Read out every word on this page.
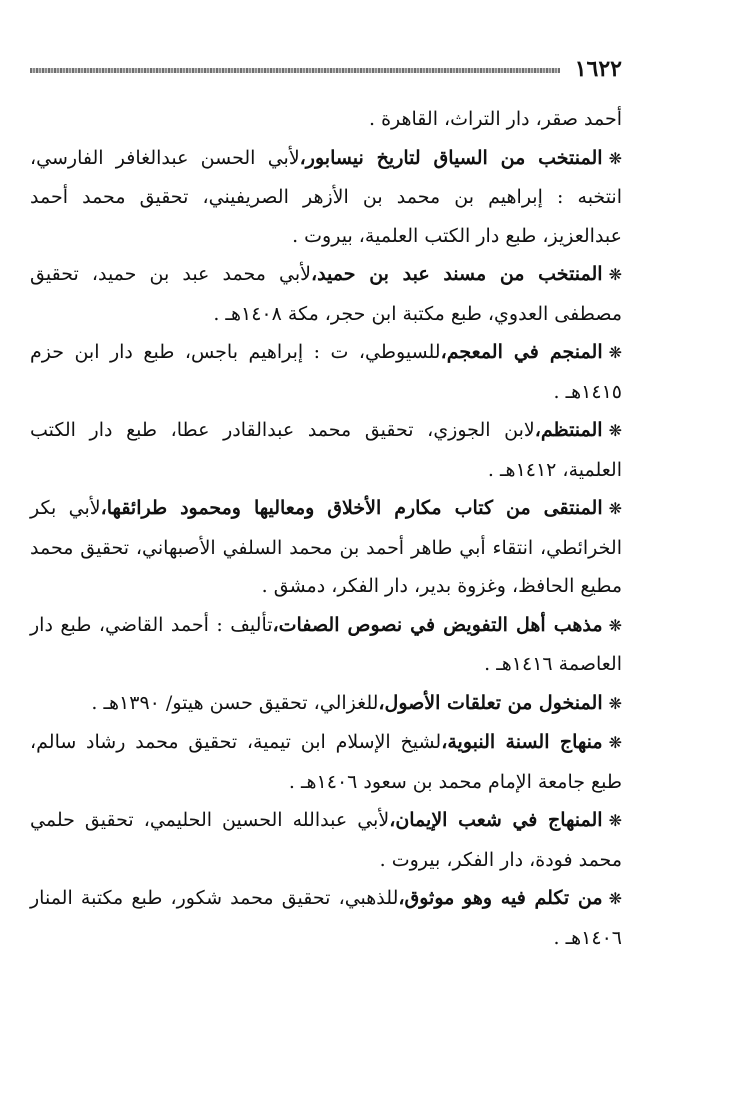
١٦٢٢

أحمد صقر، دار التراث، القاهرة .

❋المنتخب من السياق لتاريخ نيسابور،لأبي الحسن عبدالغافر الفارسي، انتخبه : إبراهيم بن محمد بن الأزهر الصريفيني، تحقيق محمد أحمد عبدالعزيز، طبع دار الكتب العلمية، بيروت .

❋المنتخب من مسند عبد بن حميد،لأبي محمد عبد بن حميد، تحقيق مصطفى العدوي، طبع مكتبة ابن حجر، مكة ١٤٠٨هـ .

❋المنجم في المعجم،للسيوطي، ت : إبراهيم باجس، طبع دار ابن حزم ١٤١٥هـ .

❋المنتظم،لابن الجوزي، تحقيق محمد عبدالقادر عطا، طبع دار الكتب العلمية، ١٤١٢هـ .

❋المنتقى من كتاب مكارم الأخلاق ومعاليها ومحمود طرائقها،لأبي بكر الخرائطي، انتقاء أبي طاهر أحمد بن محمد السلفي الأصبهاني، تحقيق محمد مطيع الحافظ، وغزوة بدير، دار الفكر، دمشق .

❋مذهب أهل التفويض في نصوص الصفات،تأليف : أحمد القاضي، طبع دار العاصمة ١٤١٦هـ .

❋المنخول من تعلقات الأصول،للغزالي، تحقيق حسن هيتو/ ١٣٩٠هـ .

❋منهاج السنة النبوية،لشيخ الإسلام ابن تيمية، تحقيق محمد رشاد سالم، طبع جامعة الإمام محمد بن سعود ١٤٠٦هـ .

❋المنهاج في شعب الإيمان،لأبي عبدالله الحسين الحليمي، تحقيق حلمي محمد فودة، دار الفكر، بيروت .

❋من تكلم فيه وهو موثوق،للذهبي، تحقيق محمد شكور، طبع مكتبة المنار ١٤٠٦هـ .
